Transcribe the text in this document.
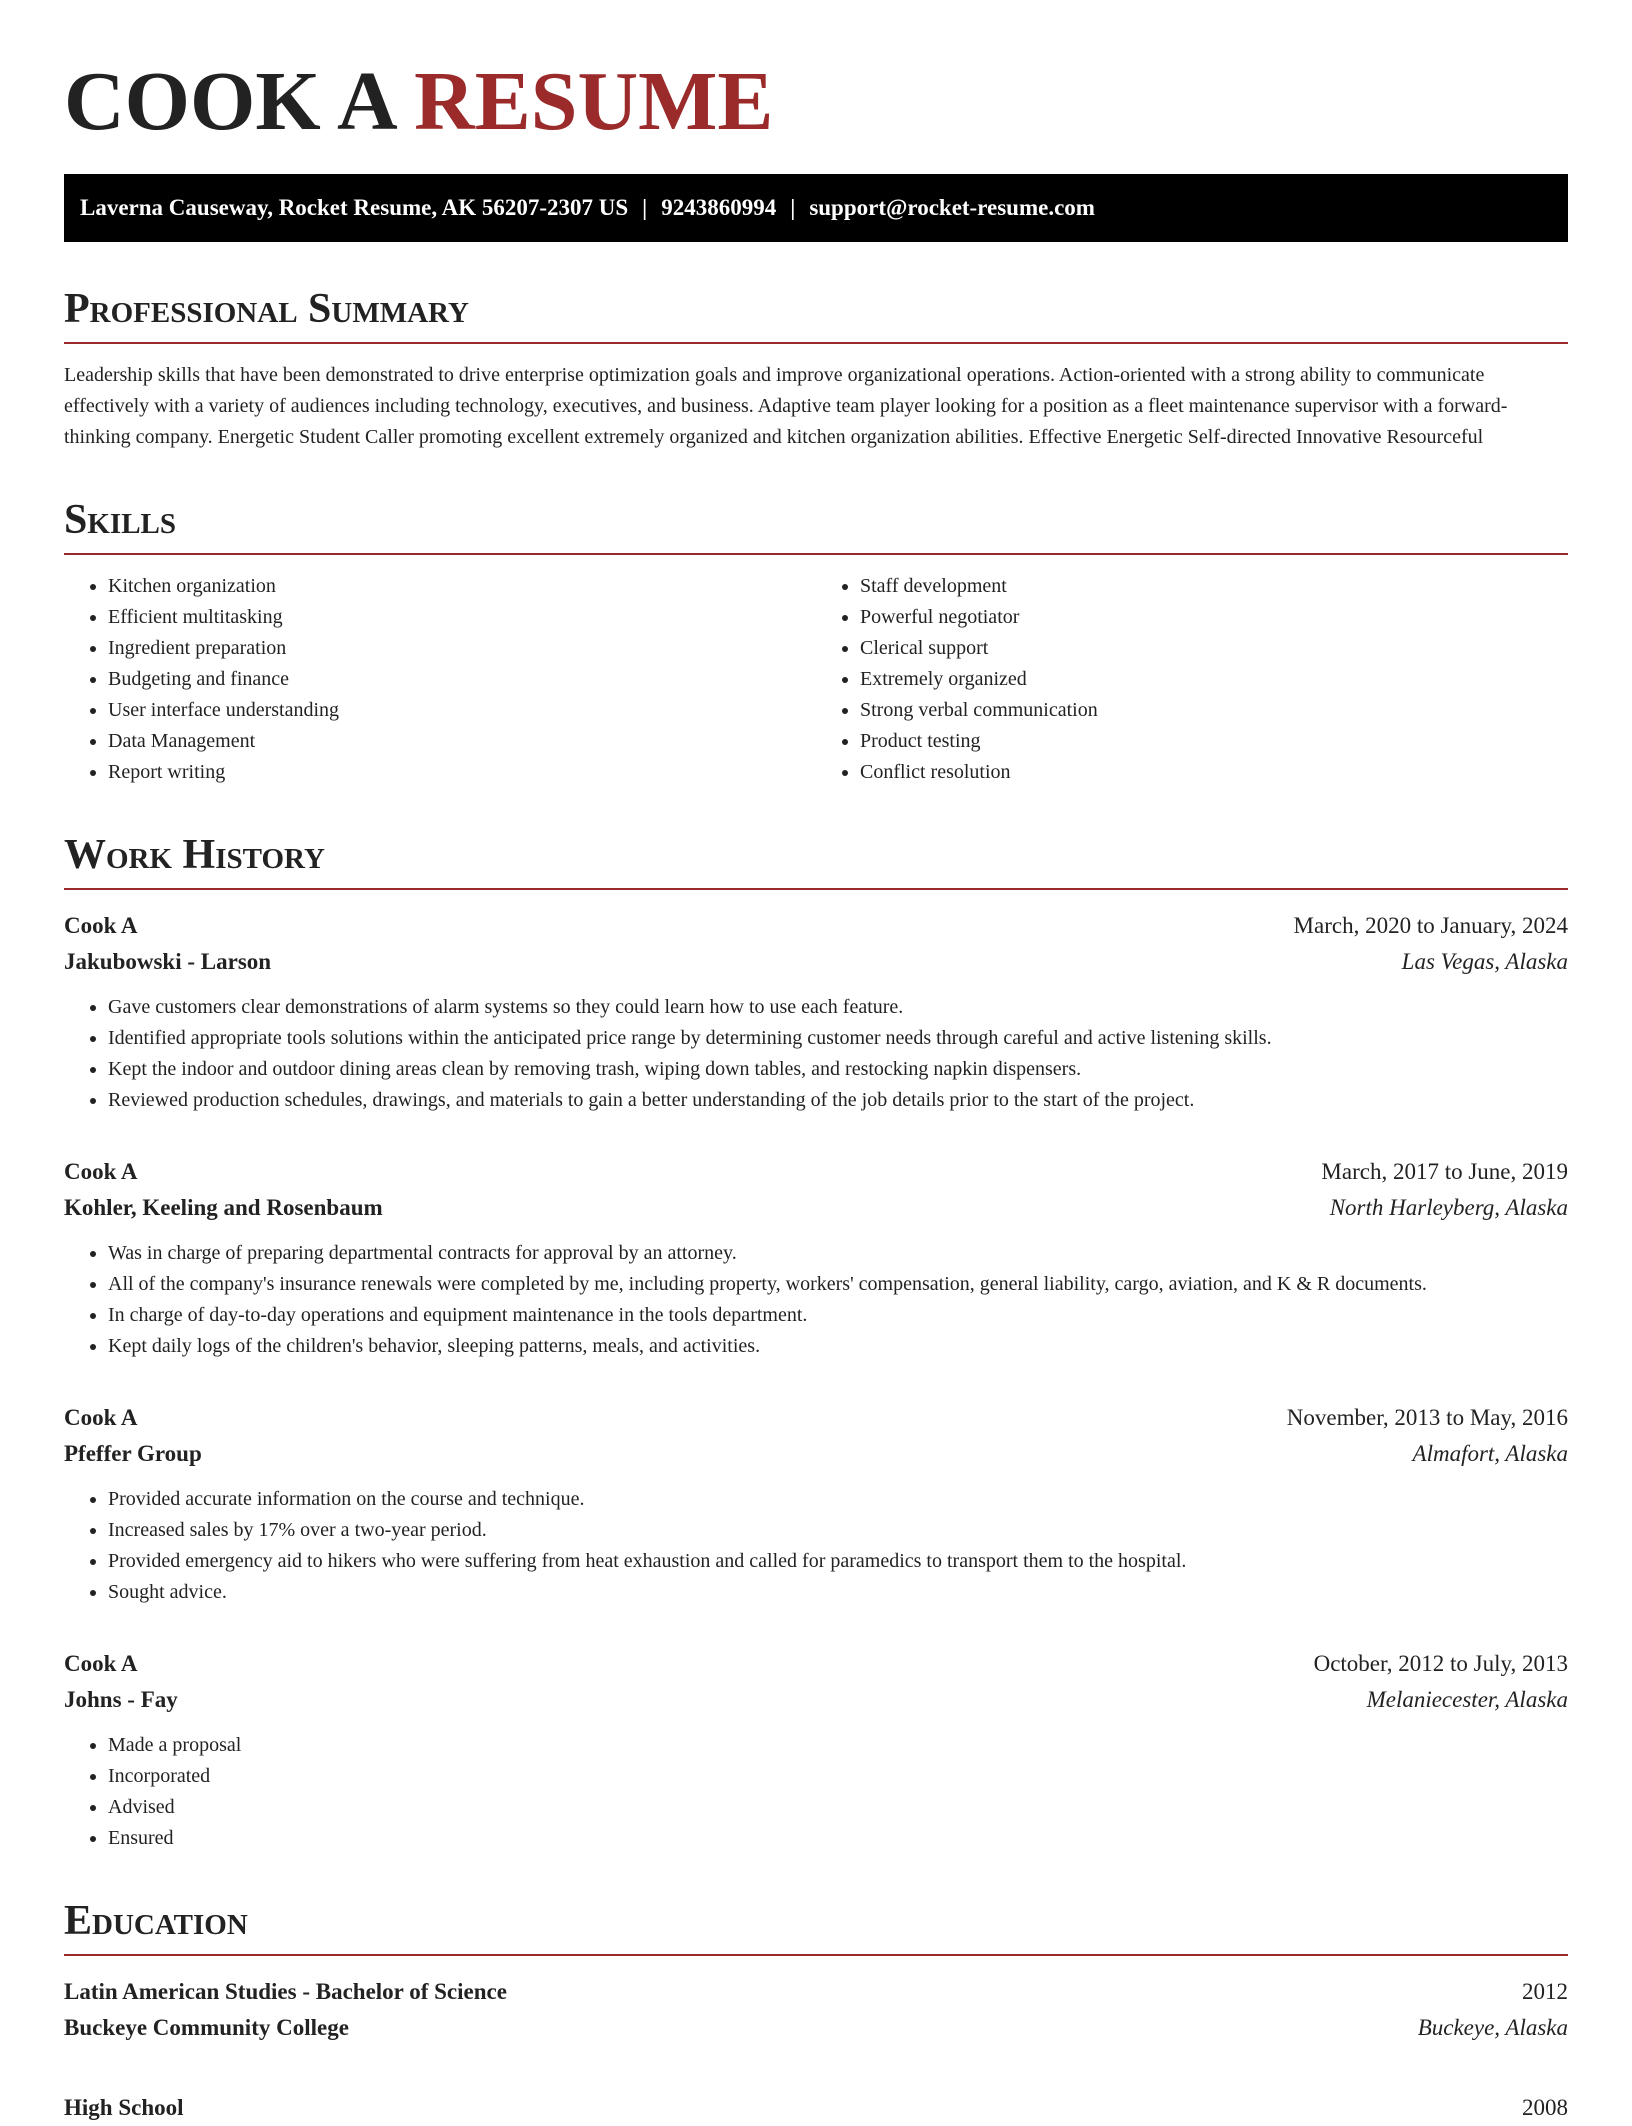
COOK A RESUME
Laverna Causeway, Rocket Resume, AK 56207-2307 US | 9243860994 | support@rocket-resume.com
Professional Summary

Leadership skills that have been demonstrated to drive enterprise optimization goals and improve organizational operations. Action-oriented with a strong ability to communicate effectively with a variety of audiences including technology, executives, and business. Adaptive team player looking for a position as a fleet maintenance supervisor with a forward-thinking company. Energetic Student Caller promoting excellent extremely organized and kitchen organization abilities. Effective Energetic Self-directed Innovative Resourceful

Skills
• Kitchen organization
• Efficient multitasking
• Ingredient preparation
• Budgeting and finance
• User interface understanding
• Data Management
• Report writing
• Staff development
• Powerful negotiator
• Clerical support
• Extremely organized
• Strong verbal communication
• Product testing
• Conflict resolution
Work History
Cook A	March, 2020 to January, 2024
Jakubowski - Larson	Las Vegas, Alaska
• Gave customers clear demonstrations of alarm systems so they could learn how to use each feature.
• Identified appropriate tools solutions within the anticipated price range by determining customer needs through careful and active listening skills.
• Kept the indoor and outdoor dining areas clean by removing trash, wiping down tables, and restocking napkin dispensers.
• Reviewed production schedules, drawings, and materials to gain a better understanding of the job details prior to the start of the project.
Cook A	March, 2017 to June, 2019
Kohler, Keeling and Rosenbaum	North Harleyberg, Alaska
• Was in charge of preparing departmental contracts for approval by an attorney.
• All of the company's insurance renewals were completed by me, including property, workers' compensation, general liability, cargo, aviation, and K & R documents.
• In charge of day-to-day operations and equipment maintenance in the tools department.
• Kept daily logs of the children's behavior, sleeping patterns, meals, and activities.
Cook A	November, 2013 to May, 2016
Pfeffer Group	Almafort, Alaska
• Provided accurate information on the course and technique.
• Increased sales by 17% over a two-year period.
• Provided emergency aid to hikers who were suffering from heat exhaustion and called for paramedics to transport them to the hospital.
• Sought advice.
Cook A	October, 2012 to July, 2013
Johns - Fay	Melaniecester, Alaska
• Made a proposal
• Incorporated
• Advised
• Ensured
Education
Latin American Studies - Bachelor of Science	2012
Buckeye Community College	Buckeye, Alaska
High School	2008
